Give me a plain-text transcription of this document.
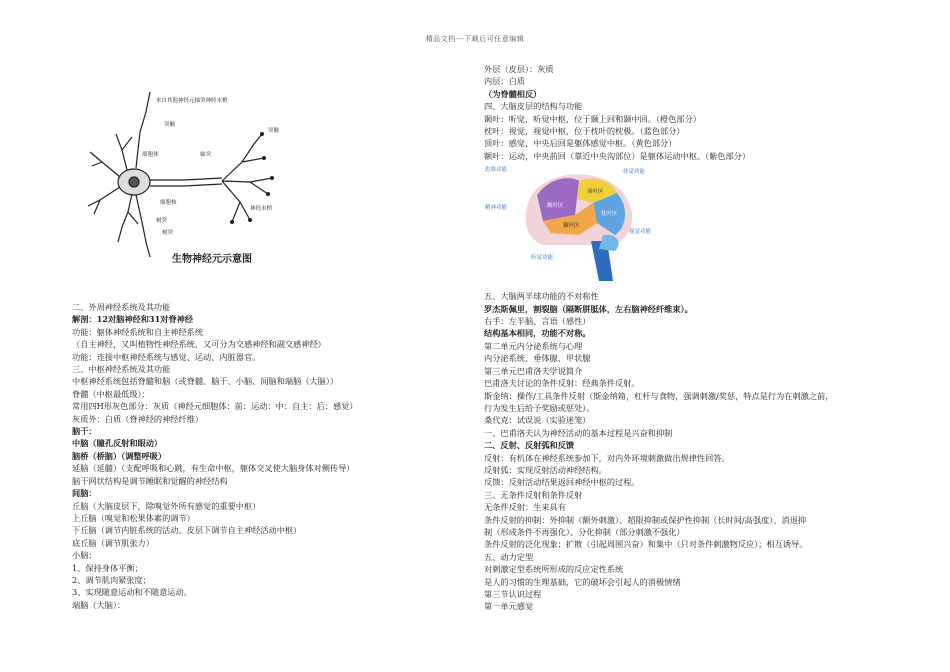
精品文档---下载后可任意编辑
来自其他神经元轴突神经末梢
突触
细胞体	轴突
细胞核
突触
神经末梢
树突
树突
生物神经元示意图
思维功能	体觉功能
额叶区
顶叶区
枕叶区
颞叶区
精神功能
视觉功能
听觉功能
二、外周神经系统及其功能
解剖：12对脑神经和31对脊神经
功能：躯体神经系统和自主神经系统
（自主神经，又叫植物性神经系统，又可分为交感神经和副交感神经）
功能：连接中枢神经系统与感觉、运动、内脏器官。
三、中枢神经系统及其功能
中枢神经系统包括脊髓和脑（或脊髓、脑干、小脑、间脑和端脑（大脑））
脊髓（中枢最低级）：
常用四H形灰色部分：灰质（神经元细胞体：前：运动：中：自主：后：感觉）
灰质外：白质（脊神经的神经纤维）
脑干：
中脑（瞳孔反射和眼动）
脑桥（桥脑）（调整呼吸）
延脑（延髓）（支配呼吸和心跳，有生命中枢，躯体交叉使大脑身体对侧传导）
脑干网状结构是调节睡眠和觉醒的神经结构
间脑：
丘脑（大脑皮层下，除嗅觉外所有感觉的重要中枢）
上丘脑（嗅觉和松果体素的调节）
下丘脑（调节内脏系统的活动、皮层下调节自主神经活动中枢）
底丘脑（调节肌张力）
小脑：
1、保持身体平衡；
2、调节肌肉紧张度；
3、实现随意运动和不随意运动。
端脑（大脑）：
外层（皮层）：灰质
内层：白质
（为脊髓相反）
四、大脑皮层的结构与功能
颞叶：听觉，听觉中枢，位于颞上回和颞中回。（橙色部分）
枕叶：视觉，视觉中枢，位于枕叶的枕极。（蓝色部分）
顶叶：感觉，中央后回是躯体感觉中枢。（黄色部分）
额叶：运动，中央前回（靠近中央沟部位）是躯体运动中枢。（紫色部分）
五、大脑两半球功能的不对称性
罗杰斯佩里，割裂脑（隔断胼胝体，左右脑神经纤维束）。
右手：左半脑、言语（感性）
结构基本相同，功能不对称。
第二单元内分泌系统与心理
内分泌系统、垂体腺、甲状腺
第三单元巴甫洛夫学说简介
巴甫洛夫讨论的条件反射：经典条件反射。
斯金纳：操作/工具条件反射（斯金纳箱，杠杆与食物，强调刺激/奖惩，特点是行为在刺激之前，
行为发生后给予奖励或惩处）。
桑代克：试误说（实验迷笼）
一、巴甫洛夫认为神经活动的基本过程是兴奋和抑制
二、反射、反射弧和反馈
反射：有机体在神经系统参加下，对内外环境刺激做出规律性回答。
反射弧：实现反射活动神经结构。
反馈：反射活动结果返回神经中枢的过程。
三、无条件反射和条件反射
无条件反射：生来具有
条件反射的抑制：外抑制（额外刺激）、超限抑制或保护性抑制（长时间/高强度）、消退抑
制（形成条件不再强化）、分化抑制（部分刺激不强化）
条件反射的泛化现象；扩散（引起周围兴奋）和集中（只对条件刺激物反应）；相互诱导。
五、动力定型
对刺激定型系统所形成的反应定性系统
是人的习惯的生理基础，它的破坏会引起人的消极情绪
第三节认识过程
第一单元感觉
